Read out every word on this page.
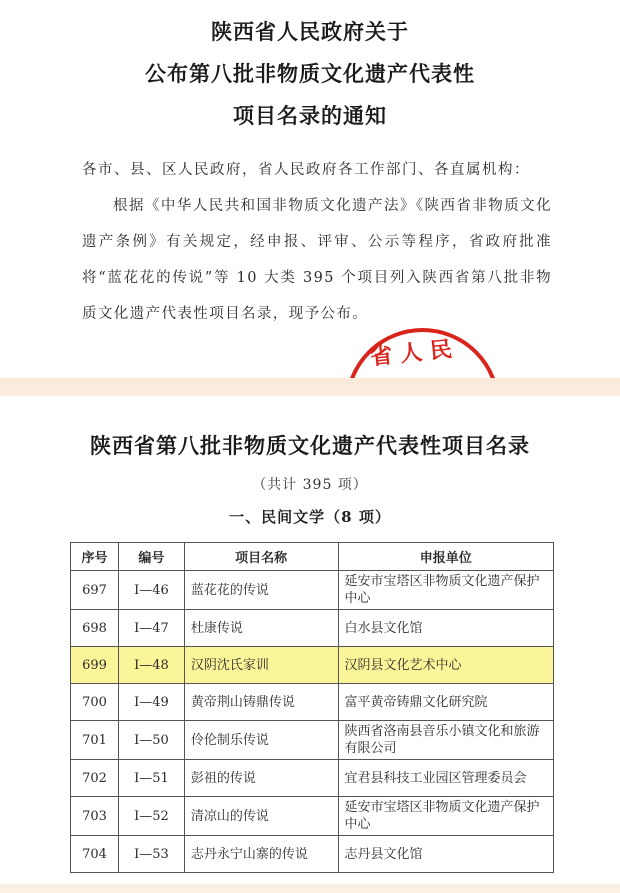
陕西省人民政府关于
公布第八批非物质文化遗产代表性
项目名录的通知
各市、县、区人民政府，省人民政府各工作部门、各直属机构：
根据《中华人民共和国非物质文化遗产法》《陕西省非物质文化遗产条例》有关规定，经申报、评审、公示等程序，省政府批准将“蓝花花的传说”等 10 大类 395 个项目列入陕西省第八批非物质文化遗产代表性项目名录，现予公布。
省人民
陕西省第八批非物质文化遗产代表性项目名录
（共计 395 项）
一、民间文学（8 项）
序号	编号	项目名称	申报单位
697	Ⅰ—46	蓝花花的传说	延安市宝塔区非物质文化遗产保护中心
698	Ⅰ—47	杜康传说	白水县文化馆
699	Ⅰ—48	汉阴沈氏家训	汉阴县文化艺术中心
700	Ⅰ—49	黄帝荆山铸鼎传说	富平黄帝铸鼎文化研究院
701	Ⅰ—50	伶伦制乐传说	陕西省洛南县音乐小镇文化和旅游有限公司
702	Ⅰ—51	彭祖的传说	宜君县科技工业园区管理委员会
703	Ⅰ—52	清凉山的传说	延安市宝塔区非物质文化遗产保护中心
704	Ⅰ—53	志丹永宁山寨的传说	志丹县文化馆
